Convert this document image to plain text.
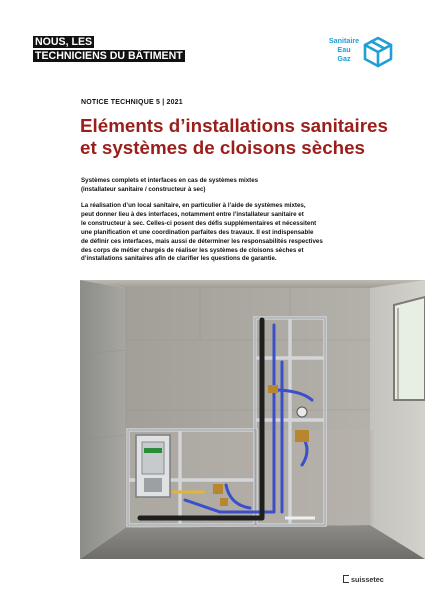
NOUS, LES
TECHNICIENS DU BÂTIMENT
Sanitaire
Eau
Gaz
NOTICE TECHNIQUE 5 | 2021
Eléments d’installations sanitaires
et systèmes de cloisons sèches

Systèmes complets et interfaces en cas de systèmes mixtes
(installateur sanitaire / constructeur à sec)

La réalisation d’un local sanitaire, en particulier à l’aide de systèmes mixtes,
peut donner lieu à des interfaces, notamment entre l’installateur sanitaire et
le constructeur à sec. Celles-ci posent des défis supplémentaires et nécessitent
une planification et une coordination parfaites des travaux. Il est indispensable
de définir ces interfaces, mais aussi de déterminer les responsabilités respectives
des corps de métier chargés de réaliser les systèmes de cloisons sèches et
d’installations sanitaires afin de clarifier les questions de garantie.

suissetec
